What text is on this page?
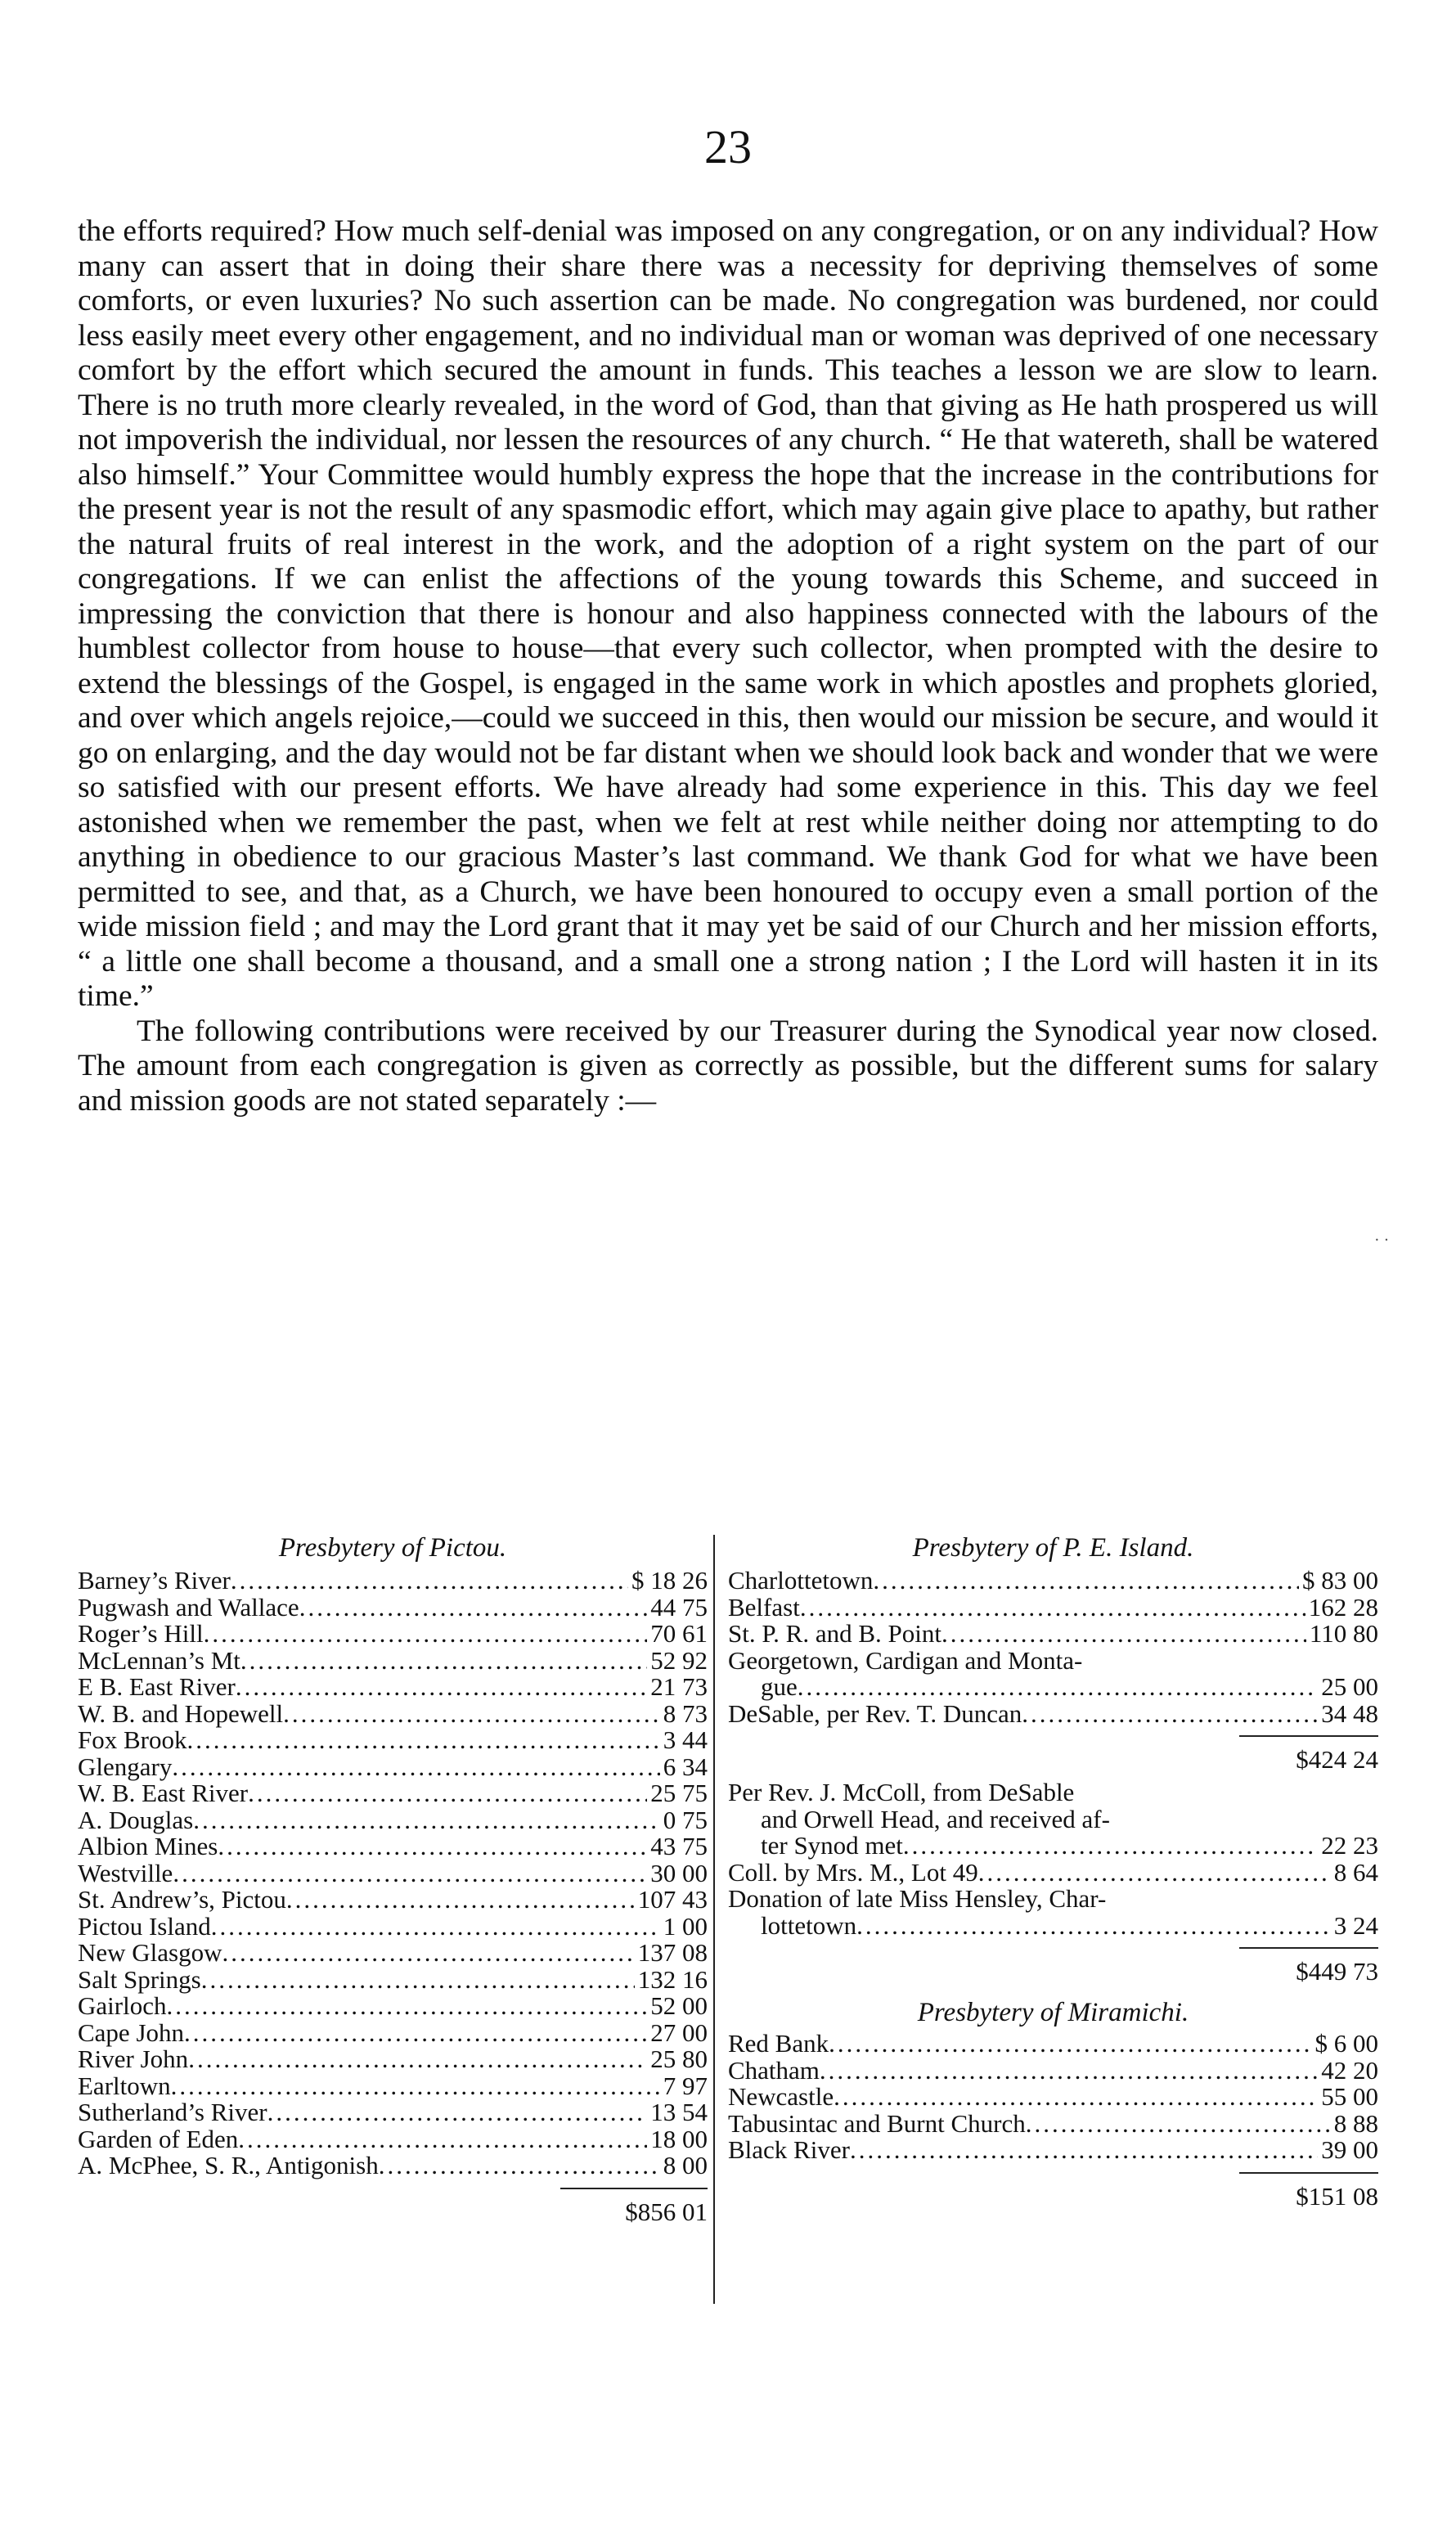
23

the efforts required? How much self-denial was imposed on any congregation, or on any individual? How many can assert that in doing their share there was a necessity for depriving themselves of some comforts, or even luxuries? No such assertion can be made. No congregation was burdened, nor could less easily meet every other engagement, and no individual man or woman was deprived of one necessary comfort by the effort which secured the amount in funds. This teaches a lesson we are slow to learn. There is no truth more clearly revealed, in the word of God, than that giving as He hath prospered us will not impoverish the individual, nor lessen the resources of any church. “ He that watereth, shall be watered also himself.” Your Committee would humbly express the hope that the increase in the contributions for the present year is not the result of any spasmodic effort, which may again give place to apathy, but rather the natural fruits of real interest in the work, and the adoption of a right system on the part of our congregations. If we can enlist the affections of the young towards this Scheme, and succeed in impressing the conviction that there is honour and also happiness connected with the labours of the humblest collector from house to house—that every such collector, when prompted with the desire to extend the blessings of the Gospel, is engaged in the same work in which apostles and prophets gloried, and over which angels rejoice,—could we succeed in this, then would our mission be secure, and would it go on enlarging, and the day would not be far distant when we should look back and wonder that we were so satisfied with our present efforts. We have already had some experience in this. This day we feel astonished when we remember the past, when we felt at rest while neither doing nor attempting to do anything in obedience to our gracious Master’s last command. We thank God for what we have been permitted to see, and that, as a Church, we have been honoured to occupy even a small portion of the wide mission field ; and may the Lord grant that it may yet be said of our Church and her mission efforts, “ a little one shall become a thousand, and a small one a strong nation ; I the Lord will hasten it in its time.”

The following contributions were received by our Treasurer during the Synodical year now closed. The amount from each congregation is given as correctly as possible, but the different sums for salary and mission goods are not stated separately :—

Presbytery of Pictou.
Barney’s River .....	$ 18 26
Pugwash and Wallace .....	44 75
Roger’s Hill .....	70 61
McLennan’s Mt .....	52 92
E B. East River .....	21 73
W. B. and Hopewell .....	8 73
Fox Brook .....	3 44
Glengary .....	6 34
W. B. East River .....	25 75
A. Douglas .....	0 75
Albion Mines .....	43 75
Westville .....	30 00
St. Andrew’s, Pictou .....	107 43
Pictou Island .....	1 00
New Glasgow .....	137 08
Salt Springs .....	132 16
Gairloch .....	52 00
Cape John .....	27 00
River John .....	25 80
Earltown .....	7 97
Sutherland’s River .....	13 54
Garden of Eden .....	18 00
A. McPhee, S. R., Antigonish .....	8 00
$856 01
Presbytery of P. E. Island.
Charlottetown .....	$ 83 00
Belfast .....	162 28
St. P. R. and B. Point .....	110 80
Georgetown, Cardigan and Monta-
gue .....	25 00
DeSable, per Rev. T. Duncan .....	34 48
$424 24
Per Rev. J. McColl, from DeSable
and Orwell Head, and received af-
ter Synod met .....	22 23
Coll. by Mrs. M., Lot 49 .....	8 64
Donation of late Miss Hensley, Char-
lottetown .....	3 24
$449 73
Presbytery of Miramichi.
Red Bank .....	$ 6 00
Chatham .....	42 20
Newcastle .....	55 00
Tabusintac and Burnt Church .....	8 88
Black River .....	39 00
$151 08
· ·
